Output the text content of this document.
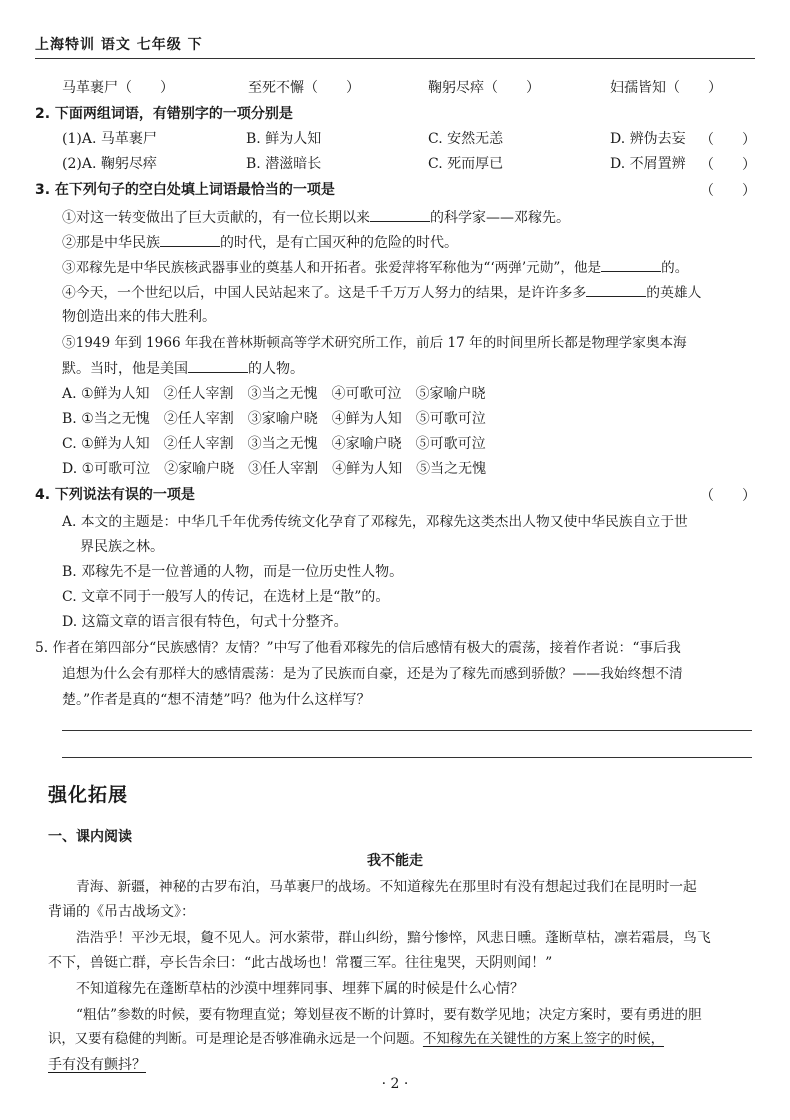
上海特训 语文 七年级 下
马革裹尸（　　）	至死不懈（　　）	鞠躬尽瘁（　　）	妇孺皆知（　　）
2. 下面两组词语，有错别字的一项分别是
(1)A. 马革裹尸	B. 鲜为人知	C. 安然无恙	D. 辨伪去妄 （　　）
(2)A. 鞠躬尽瘁	B. 潜滋暗长	C. 死而厚已	D. 不屑置辨 （　　）
3. 在下列句子的空白处填上词语最恰当的一项是	（　　）
①对这一转变做出了巨大贡献的，有一位长期以来	的科学家——邓稼先。
②那是中华民族	的时代，是有亡国灭种的危险的时代。
③邓稼先是中华民族核武器事业的奠基人和开拓者。张爱萍将军称他为“‘两弹’元勋”，他是	的。
④今天，一个世纪以后，中国人民站起来了。这是千千万万人努力的结果，是许许多多	的英雄人
物创造出来的伟大胜利。
⑤1949 年到 1966 年我在普林斯顿高等学术研究所工作，前后 17 年的时间里所长都是物理学家奥本海
默。当时，他是美国	的人物。
A. ①鲜为人知　②任人宰割　③当之无愧　④可歌可泣　⑤家喻户晓
B. ①当之无愧　②任人宰割　③家喻户晓　④鲜为人知　⑤可歌可泣
C. ①鲜为人知　②任人宰割　③当之无愧　④家喻户晓　⑤可歌可泣
D. ①可歌可泣　②家喻户晓　③任人宰割　④鲜为人知　⑤当之无愧
4. 下列说法有误的一项是	（　　）
A. 本文的主题是：中华几千年优秀传统文化孕育了邓稼先，邓稼先这类杰出人物又使中华民族自立于世
界民族之林。
B. 邓稼先不是一位普通的人物，而是一位历史性人物。
C. 文章不同于一般写人的传记，在选材上是“散”的。
D. 这篇文章的语言很有特色，句式十分整齐。
5. 作者在第四部分“民族感情？友情？”中写了他看邓稼先的信后感情有极大的震荡，接着作者说：“事后我
追想为什么会有那样大的感情震荡：是为了民族而自豪，还是为了稼先而感到骄傲？——我始终想不清
楚。”作者是真的“想不清楚”吗？他为什么这样写？
强化拓展
一、课内阅读
我不能走
青海、新疆，神秘的古罗布泊，马革裹尸的战场。不知道稼先在那里时有没有想起过我们在昆明时一起
背诵的《吊古战场文》：
浩浩乎！平沙无垠，敻不见人。河水萦带，群山纠纷，黯兮惨悴，风悲日曛。蓬断草枯，凛若霜晨，鸟飞
不下，兽铤亡群，亭长告余曰：“此古战场也！常覆三军。往往鬼哭，天阴则闻！”
不知道稼先在蓬断草枯的沙漠中埋葬同事、埋葬下属的时候是什么心情？
“粗估”参数的时候，要有物理直觉；筹划昼夜不断的计算时，要有数学见地；决定方案时，要有勇进的胆
识，又要有稳健的判断。可是理论是否够准确永远是一个问题。不知稼先在关键性的方案上签字的时候，
手有没有颤抖？
· 2 ·
